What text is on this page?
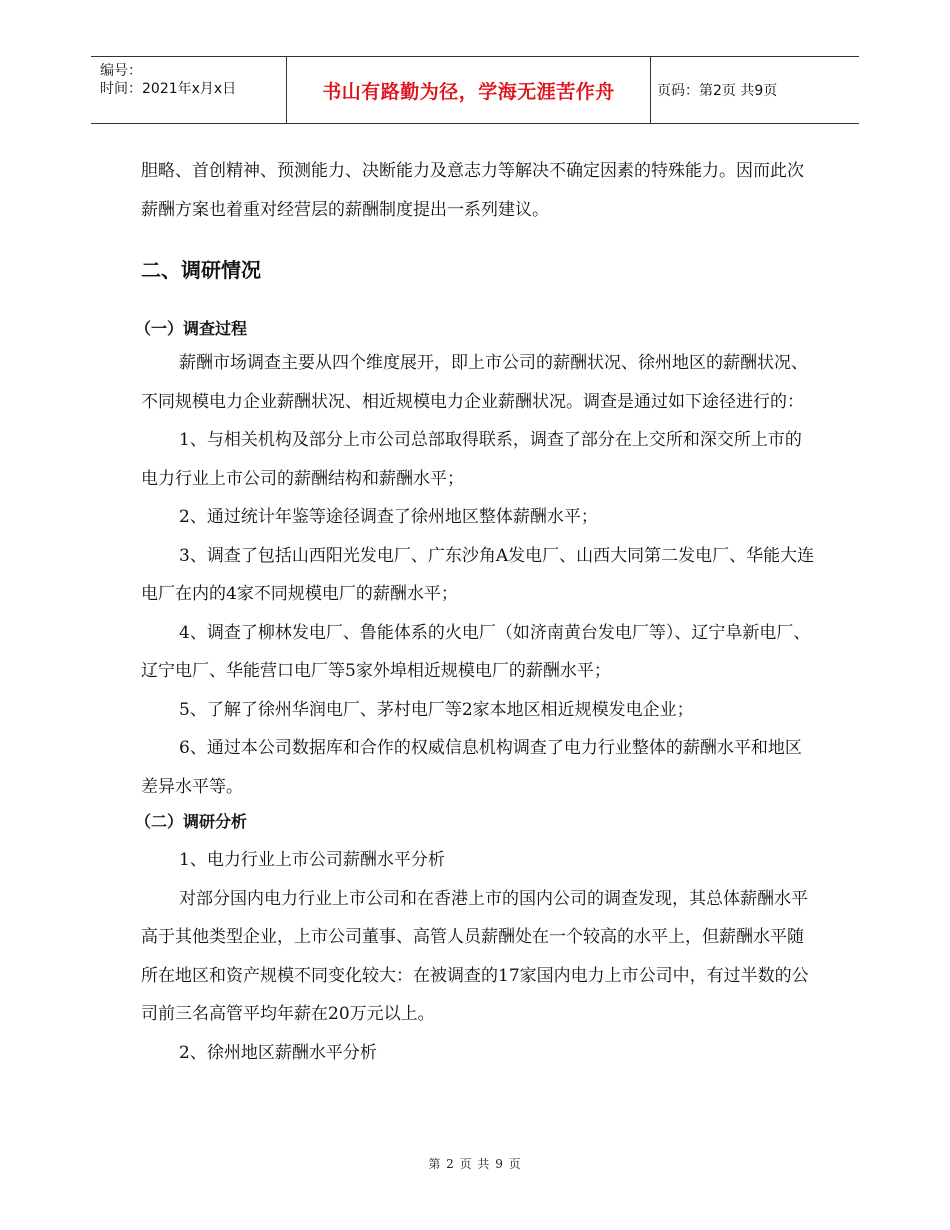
编号：
时间：2021年x月x日	书山有路勤为径，学海无涯苦作舟	页码：第2页 共9页

胆略、首创精神、预测能力、决断能力及意志力等解决不确定因素的特殊能力。因而此次薪酬方案也着重对经营层的薪酬制度提出一系列建议。

二、调研情况
（一）调查过程

薪酬市场调查主要从四个维度展开，即上市公司的薪酬状况、徐州地区的薪酬状况、不同规模电力企业薪酬状况、相近规模电力企业薪酬状况。调查是通过如下途径进行的：

1、与相关机构及部分上市公司总部取得联系，调查了部分在上交所和深交所上市的电力行业上市公司的薪酬结构和薪酬水平；

2、通过统计年鉴等途径调查了徐州地区整体薪酬水平；

3、调查了包括山西阳光发电厂、广东沙角A发电厂、山西大同第二发电厂、华能大连电厂在内的4家不同规模电厂的薪酬水平；

4、调查了柳林发电厂、鲁能体系的火电厂（如济南黄台发电厂等）、辽宁阜新电厂、辽宁电厂、华能营口电厂等5家外埠相近规模电厂的薪酬水平；

5、了解了徐州华润电厂、茅村电厂等2家本地区相近规模发电企业；

6、通过本公司数据库和合作的权威信息机构调查了电力行业整体的薪酬水平和地区差异水平等。

（二）调研分析

1、电力行业上市公司薪酬水平分析

对部分国内电力行业上市公司和在香港上市的国内公司的调查发现，其总体薪酬水平高于其他类型企业，上市公司董事、高管人员薪酬处在一个较高的水平上，但薪酬水平随所在地区和资产规模不同变化较大：在被调查的17家国内电力上市公司中，有过半数的公司前三名高管平均年薪在20万元以上。

2、徐州地区薪酬水平分析

第 2 页 共 9 页
